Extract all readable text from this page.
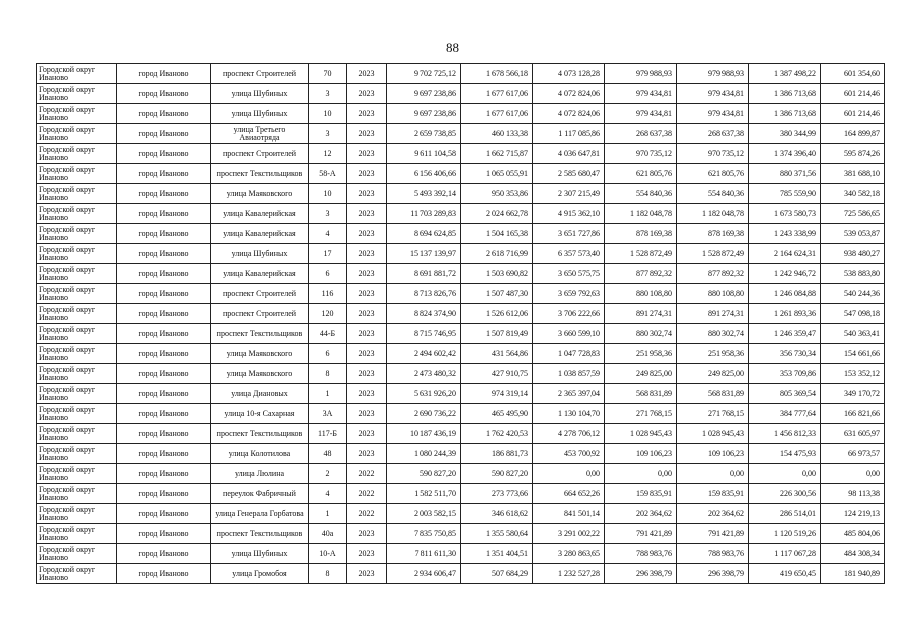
88
Городской округ Иваново	город Иваново	проспект Строителей	70	2023	9 702 725,12	1 678 566,18	4 073 128,28	979 988,93	979 988,93	1 387 498,22	601 354,60
Городской округ Иваново	город Иваново	улица Шубиных	3	2023	9 697 238,86	1 677 617,06	4 072 824,06	979 434,81	979 434,81	1 386 713,68	601 214,46
Городской округ Иваново	город Иваново	улица Шубиных	10	2023	9 697 238,86	1 677 617,06	4 072 824,06	979 434,81	979 434,81	1 386 713,68	601 214,46
Городской округ Иваново	город Иваново	улица Третьего Авиаотряда	3	2023	2 659 738,85	460 133,38	1 117 085,86	268 637,38	268 637,38	380 344,99	164 899,87
Городской округ Иваново	город Иваново	проспект Строителей	12	2023	9 611 104,58	1 662 715,87	4 036 647,81	970 735,12	970 735,12	1 374 396,40	595 874,26
Городской округ Иваново	город Иваново	проспект Текстильщиков	58-А	2023	6 156 406,66	1 065 055,91	2 585 680,47	621 805,76	621 805,76	880 371,56	381 688,10
Городской округ Иваново	город Иваново	улица Маяковского	10	2023	5 493 392,14	950 353,86	2 307 215,49	554 840,36	554 840,36	785 559,90	340 582,18
Городской округ Иваново	город Иваново	улица Кавалерийская	3	2023	11 703 289,83	2 024 662,78	4 915 362,10	1 182 048,78	1 182 048,78	1 673 580,73	725 586,65
Городской округ Иваново	город Иваново	улица Кавалерийская	4	2023	8 694 624,85	1 504 165,38	3 651 727,86	878 169,38	878 169,38	1 243 338,99	539 053,87
Городской округ Иваново	город Иваново	улица Шубиных	17	2023	15 137 139,97	2 618 716,99	6 357 573,40	1 528 872,49	1 528 872,49	2 164 624,31	938 480,27
Городской округ Иваново	город Иваново	улица Кавалерийская	6	2023	8 691 881,72	1 503 690,82	3 650 575,75	877 892,32	877 892,32	1 242 946,72	538 883,80
Городской округ Иваново	город Иваново	проспект Строителей	116	2023	8 713 826,76	1 507 487,30	3 659 792,63	880 108,80	880 108,80	1 246 084,88	540 244,36
Городской округ Иваново	город Иваново	проспект Строителей	120	2023	8 824 374,90	1 526 612,06	3 706 222,66	891 274,31	891 274,31	1 261 893,36	547 098,18
Городской округ Иваново	город Иваново	проспект Текстильщиков	44-Б	2023	8 715 746,95	1 507 819,49	3 660 599,10	880 302,74	880 302,74	1 246 359,47	540 363,41
Городской округ Иваново	город Иваново	улица Маяковского	6	2023	2 494 602,42	431 564,86	1 047 728,83	251 958,36	251 958,36	356 730,34	154 661,66
Городской округ Иваново	город Иваново	улица Маяковского	8	2023	2 473 480,32	427 910,75	1 038 857,59	249 825,00	249 825,00	353 709,86	153 352,12
Городской округ Иваново	город Иваново	улица Диановых	1	2023	5 631 926,20	974 319,14	2 365 397,04	568 831,89	568 831,89	805 369,54	349 170,72
Городской округ Иваново	город Иваново	улица 10-я Сахарная	3А	2023	2 690 736,22	465 495,90	1 130 104,70	271 768,15	271 768,15	384 777,64	166 821,66
Городской округ Иваново	город Иваново	проспект Текстильщиков	117-Б	2023	10 187 436,19	1 762 420,53	4 278 706,12	1 028 945,43	1 028 945,43	1 456 812,33	631 605,97
Городской округ Иваново	город Иваново	улица Колотилова	48	2023	1 080 244,39	186 881,73	453 700,92	109 106,23	109 106,23	154 475,93	66 973,57
Городской округ Иваново	город Иваново	улица Люлина	2	2022	590 827,20	590 827,20	0,00	0,00	0,00	0,00	0,00
Городской округ Иваново	город Иваново	переулок Фабричный	4	2022	1 582 511,70	273 773,66	664 652,26	159 835,91	159 835,91	226 300,56	98 113,38
Городской округ Иваново	город Иваново	улица Генерала Горбатова	1	2022	2 003 582,15	346 618,62	841 501,14	202 364,62	202 364,62	286 514,01	124 219,13
Городской округ Иваново	город Иваново	проспект Текстильщиков	40а	2023	7 835 750,85	1 355 580,64	3 291 002,22	791 421,89	791 421,89	1 120 519,26	485 804,06
Городской округ Иваново	город Иваново	улица Шубиных	10-А	2023	7 811 611,30	1 351 404,51	3 280 863,65	788 983,76	788 983,76	1 117 067,28	484 308,34
Городской округ Иваново	город Иваново	улица Громобоя	8	2023	2 934 606,47	507 684,29	1 232 527,28	296 398,79	296 398,79	419 650,45	181 940,89
